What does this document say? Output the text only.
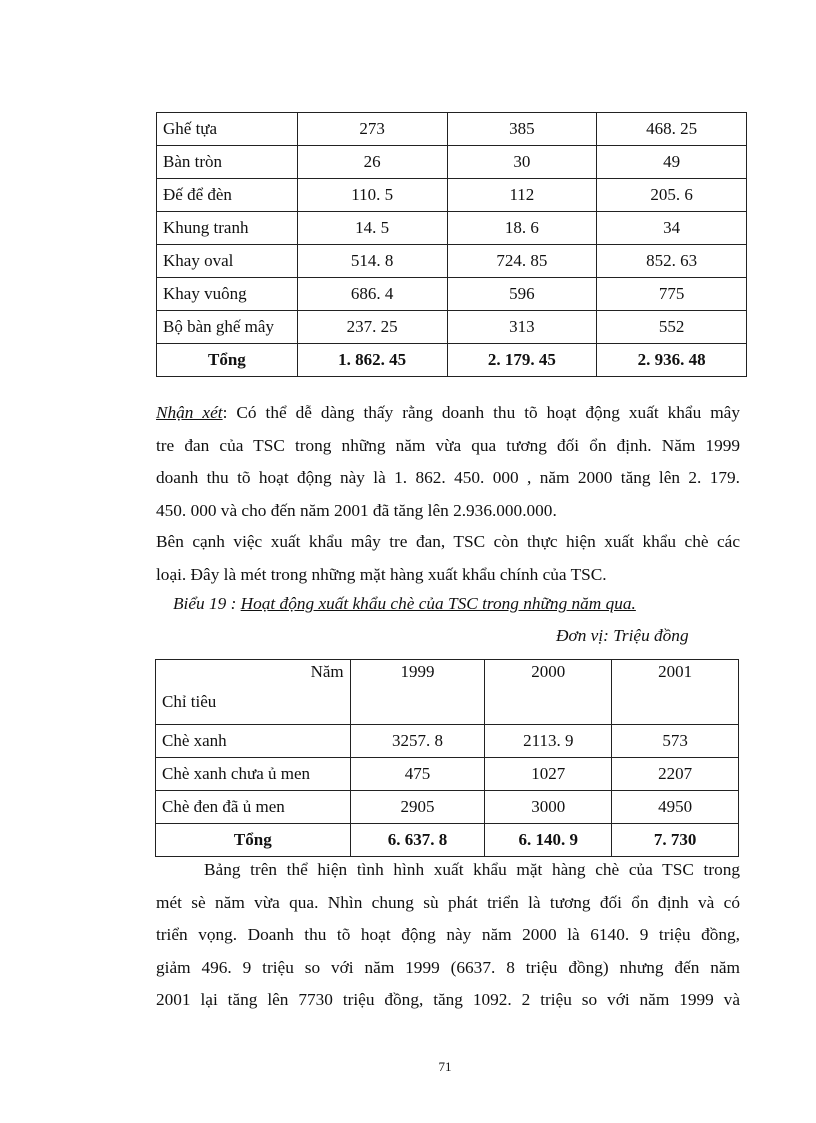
Ghế tựa	273	385	468. 25
Bàn tròn	26	30	49
Đế để đèn	110. 5	112	205. 6
Khung tranh	14. 5	18. 6	34
Khay oval	514. 8	724. 85	852. 63
Khay vuông	686. 4	596	775
Bộ bàn ghế mây	237. 25	313	552
Tổng	1. 862. 45	2. 179. 45	2. 936. 48
Nhận xét: Có thể dễ dàng thấy rằng doanh thu tõ hoạt động xuất khẩu mây
tre đan của TSC trong những năm vừa qua tương đối ổn định. Năm 1999
doanh thu tõ hoạt động này là 1. 862. 450. 000 , năm 2000 tăng lên 2. 179.
450. 000 và cho đến năm 2001 đã tăng lên 2.936.000.000.
Bên cạnh việc xuất khẩu mây tre đan, TSC còn thực hiện xuất khẩu chè các
loại. Đây là mét trong những mặt hàng xuất khẩu chính của TSC.
Biểu 19 : Hoạt động xuất khẩu chè của TSC trong những năm qua.
Đơn vị: Triệu đồng
Năm
Chỉ tiêu	1999	2000	2001
Chè xanh	3257. 8	2113. 9	573
Chè xanh chưa ủ men	475	1027	2207
Chè đen đã ủ men	2905	3000	4950
Tổng	6. 637. 8	6. 140. 9	7. 730
Bảng trên thể hiện tình hình xuất khẩu mặt hàng chè của TSC trong
mét sè năm vừa qua. Nhìn chung sù phát triển là tương đối ổn định và có
triển vọng. Doanh thu tõ hoạt động này năm 2000 là 6140. 9 triệu đồng,
giảm 496. 9 triệu so với năm 1999 (6637. 8 triệu đồng) nhưng đến năm
2001 lại tăng lên 7730 triệu đồng, tăng 1092. 2 triệu so với năm 1999 và
71
